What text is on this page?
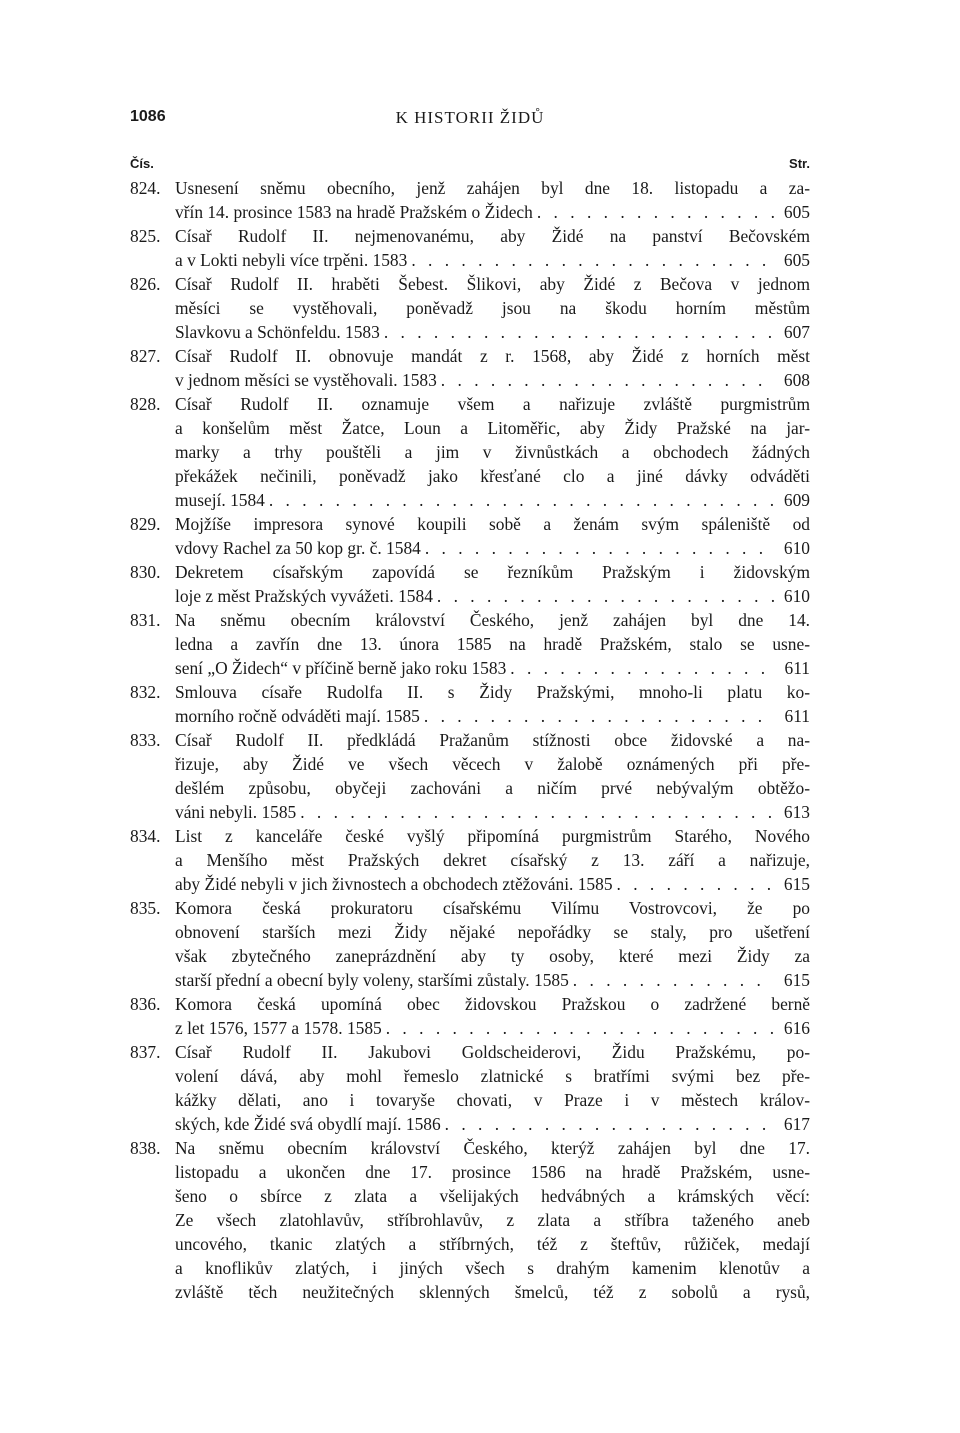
1086	K HISTORII ŽIDŮ
Čís.	Str.
824. Usnesení sněmu obecního, jenž zahájen byl dne 18. listopadu a za-
vřín 14. prosince 1583 na hradě Pražském o Židech . . .	605
825. Císař Rudolf II. nejmenovanému, aby Židé na panství Bečovském
a v Lokti nebyli více trpěni. 1583 . . .	605
826. Císař Rudolf II. hraběti Šebest. Šlikovi, aby Židé z Bečova v jednom
měsíci se vystěhovali, poněvadž jsou na škodu horním městům
Slavkovu a Schönfeldu. 1583 . . .	607
827. Císař Rudolf II. obnovuje mandát z r. 1568, aby Židé z horních měst
v jednom měsíci se vystěhovali. 1583 . . .	608
828. Císař Rudolf II. oznamuje všem a nařizuje zvláště purgmistrům
a konšelům měst Žatce, Loun a Litoměřic, aby Židy Pražské na jar-
marky a trhy pouštěli a jim v živnůstkách a obchodech žádných
překážek nečinili, poněvadž jako křesťané clo a jiné dávky odváděti
musejí. 1584 . . .	609
829. Mojžíše impresora synové koupili sobě a ženám svým spáleniště od
vdovy Rachel za 50 kop gr. č. 1584 . . .	610
830. Dekretem císařským zapovídá se řezníkům Pražským i židovským
loje z měst Pražských vyvážeti. 1584 . . .	610
831. Na sněmu obecním království Českého, jenž zahájen byl dne 14.
ledna a zavřín dne 13. února 1585 na hradě Pražském, stalo se usne-
sení „O Židech“ v příčině berně jako roku 1583 . . .	611
832. Smlouva císaře Rudolfa II. s Židy Pražskými, mnoho-li platu ko-
morního ročně odváděti mají. 1585 . . .	611
833. Císař Rudolf II. předkládá Pražanům stížnosti obce židovské a na-
řizuje, aby Židé ve všech věcech v žalobě oznámených při pře-
dešlém způsobu, obyčeji zachováni a ničím prvé nebývalým obtěžo-
váni nebyli. 1585 . . .	613
834. List z kanceláře české vyšlý připomíná purgmistrům Starého, Nového
a Menšího měst Pražských dekret císařský z 13. září a nařizuje,
aby Židé nebyli v jich živnostech a obchodech ztěžováni. 1585 . . .	615
835. Komora česká prokuratoru císařskému Vilímu Vostrovcovi, že po
obnovení starších mezi Židy nějaké nepořádky se staly, pro ušetření
však zbytečného zaneprázdnění aby ty osoby, které mezi Židy za
starší přední a obecní byly voleny, staršími zůstaly. 1585 . . .	615
836. Komora česká upomíná obec židovskou Pražskou o zadržené berně
z let 1576, 1577 a 1578. 1585 . . .	616
837. Císař Rudolf II. Jakubovi Goldscheiderovi, Židu Pražskému, po-
volení dává, aby mohl řemeslo zlatnické s bratřími svými bez pře-
kážky dělati, ano i tovaryše chovati, v Praze i v městech králov-
ských, kde Židé svá obydlí mají. 1586 . . .	617
838. Na sněmu obecním království Českého, kterýž zahájen byl dne 17.
listopadu a ukončen dne 17. prosince 1586 na hradě Pražském, usne-
šeno o sbírce z zlata a všelijakých hedvábných a krámských věcí:
Ze všech zlatohlavův, stříbrohlavův, z zlata a stříbra taženého aneb
uncového, tkanic zlatých a stříbrných, též z šteftův, růžiček, medají
a knoflikův zlatých, i jiných všech s drahým kamenim klenotův a
zvláště těch neužitečných sklenných šmelců, též z sobolů a rysů,
